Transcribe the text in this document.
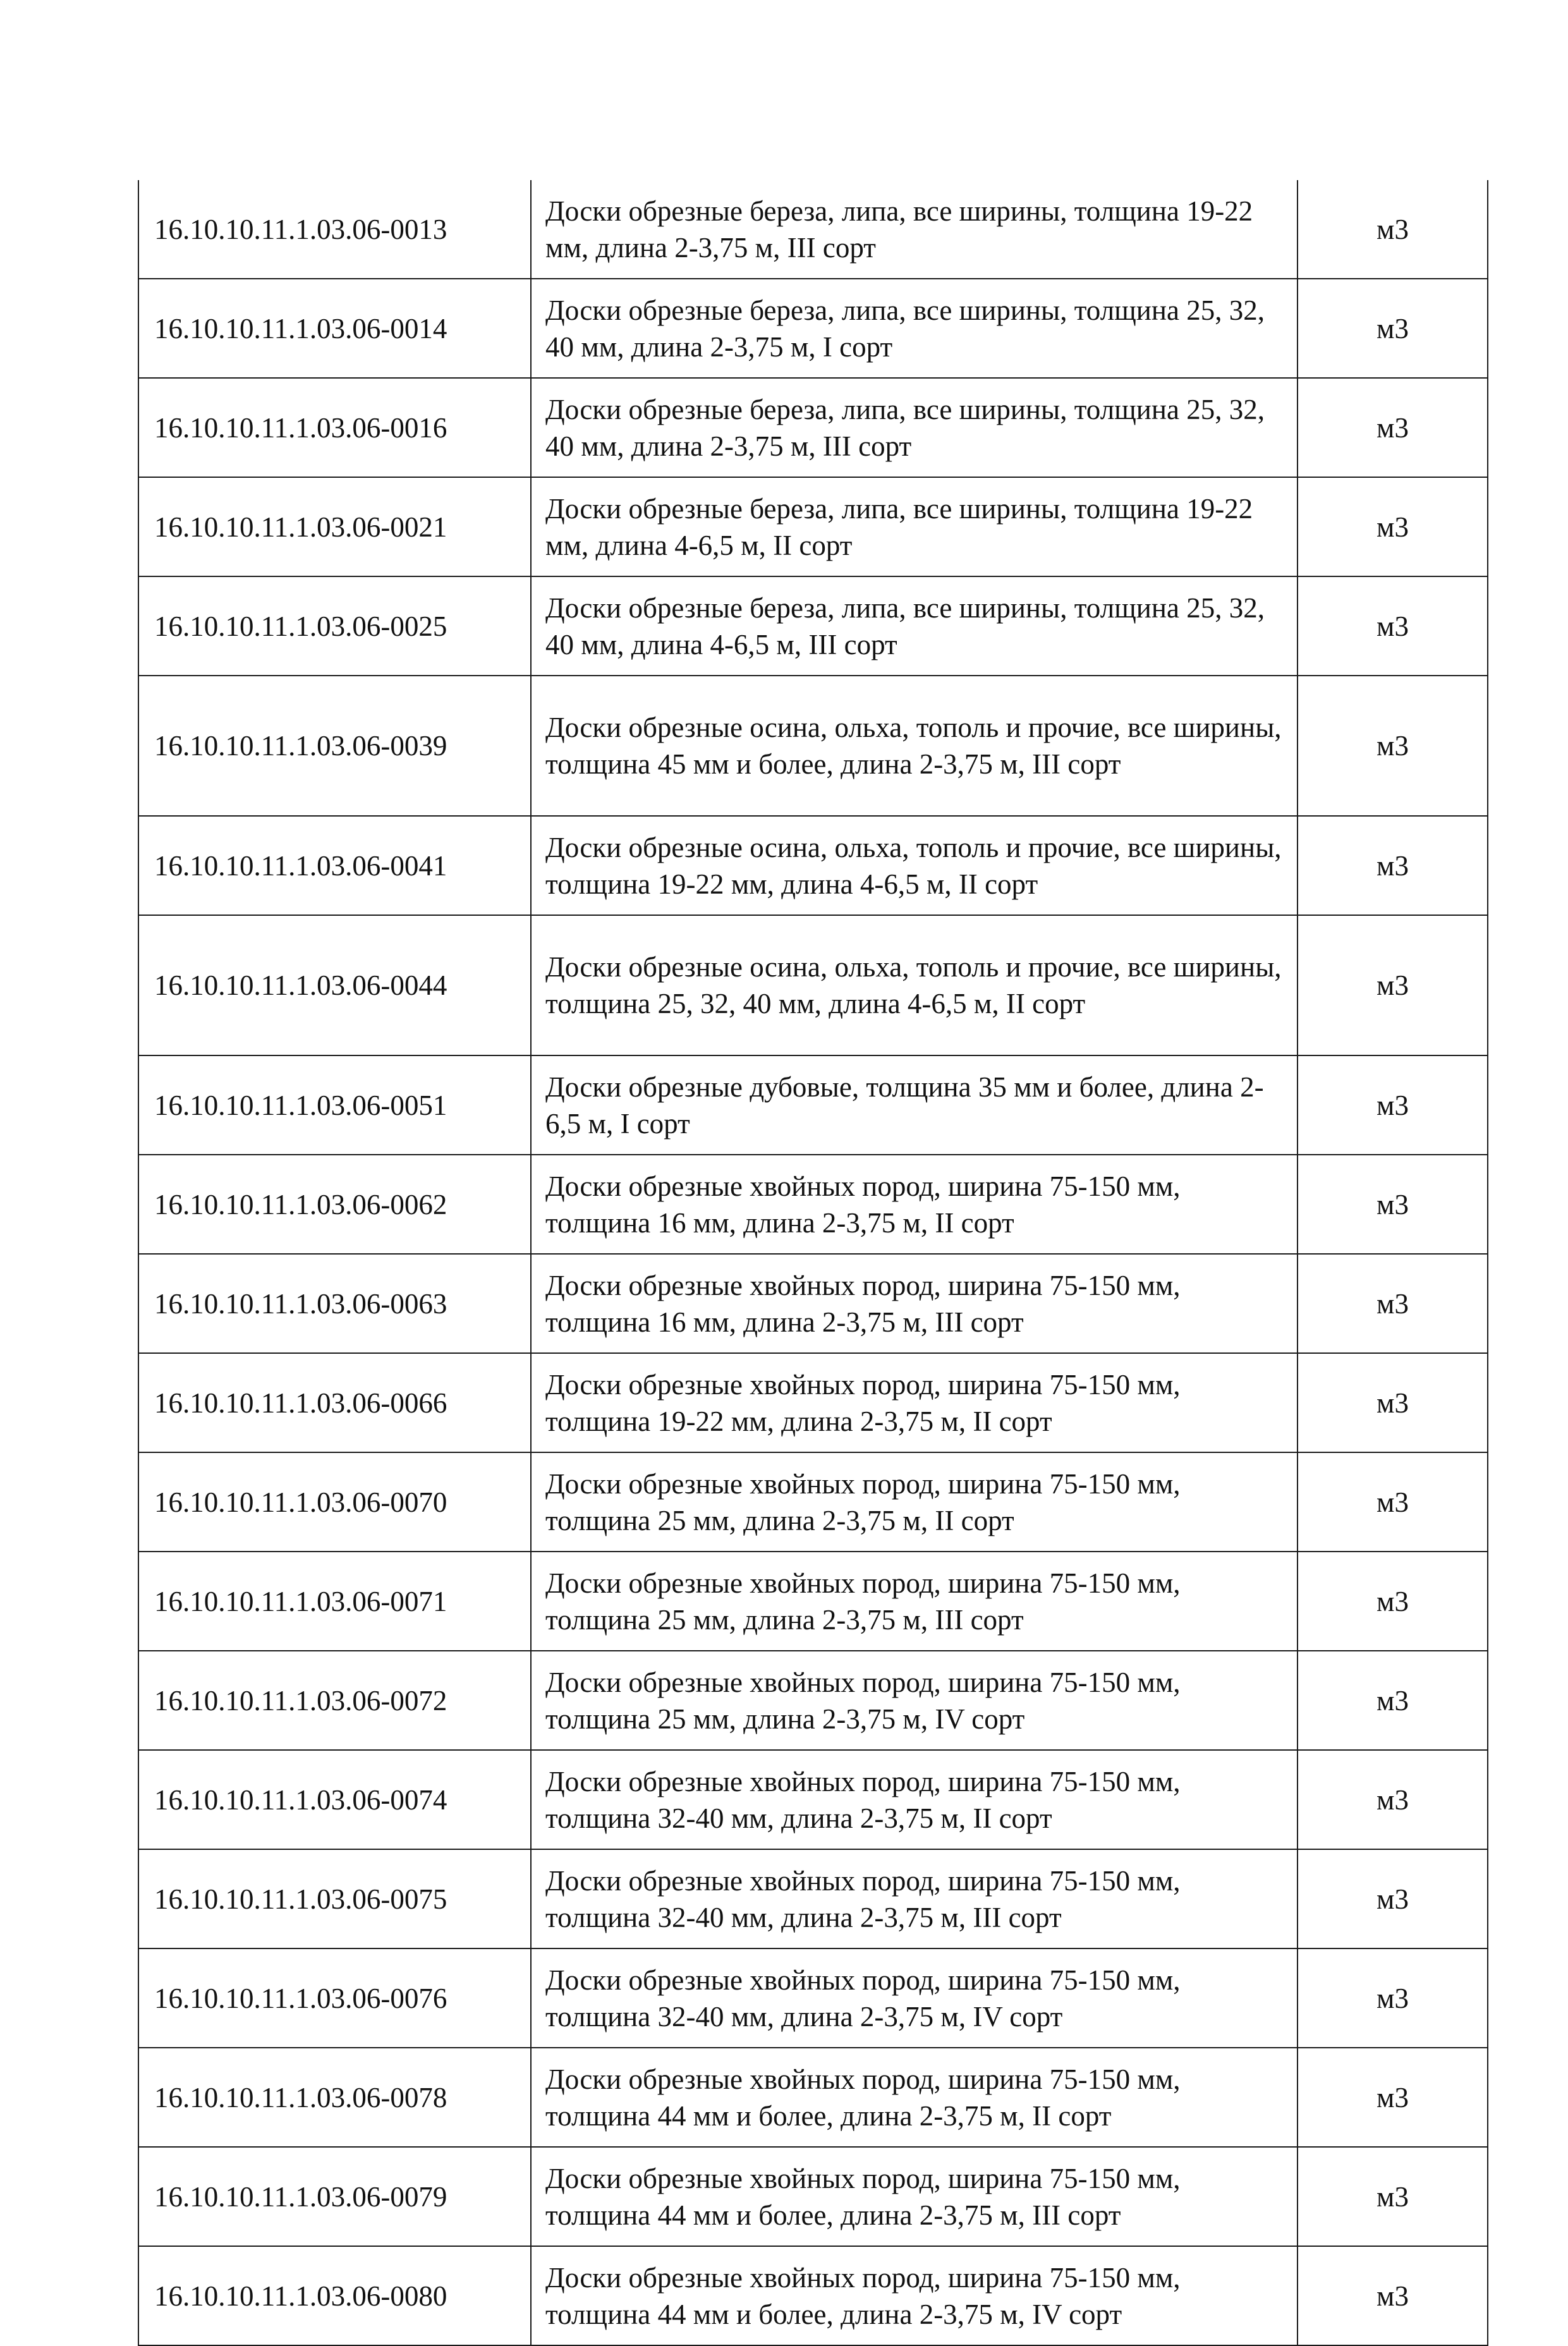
16.10.10.11.1.03.06-0013	Доски обрезные береза, липа, все ширины, толщина 19-22 мм, длина 2-3,75 м, III сорт	м3
16.10.10.11.1.03.06-0014	Доски обрезные береза, липа, все ширины, толщина 25, 32, 40 мм, длина 2-3,75 м, I сорт	м3
16.10.10.11.1.03.06-0016	Доски обрезные береза, липа, все ширины, толщина 25, 32, 40 мм, длина 2-3,75 м, III сорт	м3
16.10.10.11.1.03.06-0021	Доски обрезные береза, липа, все ширины, толщина 19-22 мм, длина 4-6,5 м, II сорт	м3
16.10.10.11.1.03.06-0025	Доски обрезные береза, липа, все ширины, толщина 25, 32, 40 мм, длина 4-6,5 м, III сорт	м3
16.10.10.11.1.03.06-0039	Доски обрезные осина, ольха, тополь и прочие, все ширины, толщина 45 мм и более, длина 2-3,75 м, III сорт	м3
16.10.10.11.1.03.06-0041	Доски обрезные осина, ольха, тополь и прочие, все ширины, толщина 19-22 мм, длина 4-6,5 м, II сорт	м3
16.10.10.11.1.03.06-0044	Доски обрезные осина, ольха, тополь и прочие, все ширины, толщина 25, 32, 40 мм, длина 4-6,5 м, II сорт	м3
16.10.10.11.1.03.06-0051	Доски обрезные дубовые, толщина 35 мм и более, длина 2-6,5 м, I сорт	м3
16.10.10.11.1.03.06-0062	Доски обрезные хвойных пород, ширина 75-150 мм, толщина 16 мм, длина 2-3,75 м, II сорт	м3
16.10.10.11.1.03.06-0063	Доски обрезные хвойных пород, ширина 75-150 мм, толщина 16 мм, длина 2-3,75 м, III сорт	м3
16.10.10.11.1.03.06-0066	Доски обрезные хвойных пород, ширина 75-150 мм, толщина 19-22 мм, длина 2-3,75 м, II сорт	м3
16.10.10.11.1.03.06-0070	Доски обрезные хвойных пород, ширина 75-150 мм, толщина 25 мм, длина 2-3,75 м, II сорт	м3
16.10.10.11.1.03.06-0071	Доски обрезные хвойных пород, ширина 75-150 мм, толщина 25 мм, длина 2-3,75 м, III сорт	м3
16.10.10.11.1.03.06-0072	Доски обрезные хвойных пород, ширина 75-150 мм, толщина 25 мм, длина 2-3,75 м, IV сорт	м3
16.10.10.11.1.03.06-0074	Доски обрезные хвойных пород, ширина 75-150 мм, толщина 32-40 мм, длина 2-3,75 м, II сорт	м3
16.10.10.11.1.03.06-0075	Доски обрезные хвойных пород, ширина 75-150 мм, толщина 32-40 мм, длина 2-3,75 м, III сорт	м3
16.10.10.11.1.03.06-0076	Доски обрезные хвойных пород, ширина 75-150 мм, толщина 32-40 мм, длина 2-3,75 м, IV сорт	м3
16.10.10.11.1.03.06-0078	Доски обрезные хвойных пород, ширина 75-150 мм, толщина 44 мм и более, длина 2-3,75 м, II сорт	м3
16.10.10.11.1.03.06-0079	Доски обрезные хвойных пород, ширина 75-150 мм, толщина 44 мм и более, длина 2-3,75 м, III сорт	м3
16.10.10.11.1.03.06-0080	Доски обрезные хвойных пород, ширина 75-150 мм, толщина 44 мм и более, длина 2-3,75 м, IV сорт	м3
